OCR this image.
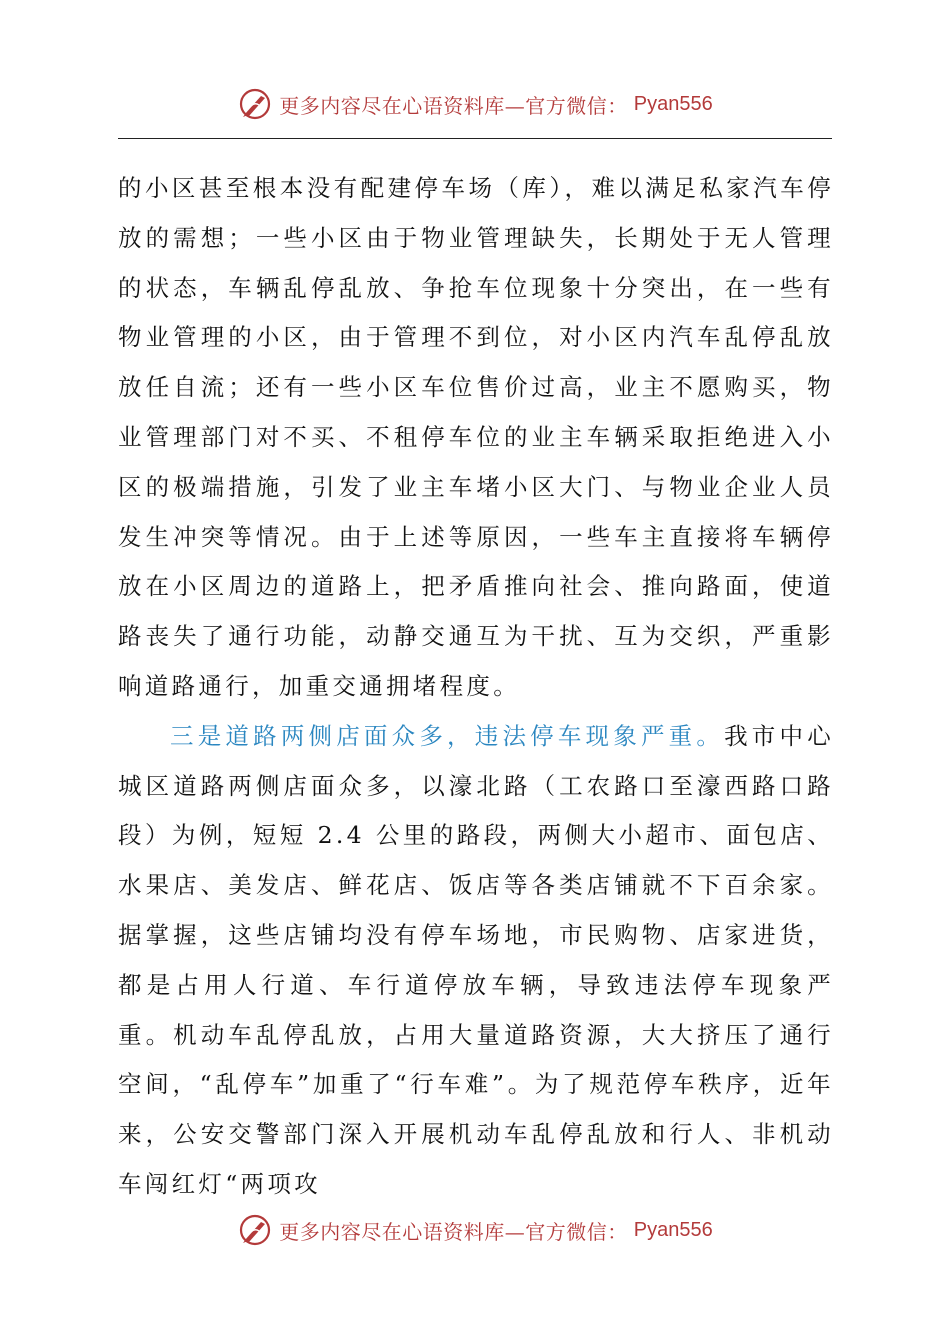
更多内容尽在心语资料库—官方微信： Pyan556

的小区甚至根本没有配建停车场（库），难以满足私家汽车停放的需想；一些小区由于物业管理缺失，长期处于无人管理的状态，车辆乱停乱放、争抢车位现象十分突出，在一些有物业管理的小区，由于管理不到位，对小区内汽车乱停乱放放任自流；还有一些小区车位售价过高，业主不愿购买，物业管理部门对不买、不租停车位的业主车辆采取拒绝进入小区的极端措施，引发了业主车堵小区大门、与物业企业人员发生冲突等情况。由于上述等原因，一些车主直接将车辆停放在小区周边的道路上，把矛盾推向社会、推向路面，使道路丧失了通行功能，动静交通互为干扰、互为交织，严重影响道路通行，加重交通拥堵程度。

三是道路两侧店面众多，违法停车现象严重。我市中心城区道路两侧店面众多，以濠北路（工农路口至濠西路口路段）为例，短短 2.4 公里的路段，两侧大小超市、面包店、水果店、美发店、鲜花店、饭店等各类店铺就不下百余家。据掌握，这些店铺均没有停车场地，市民购物、店家进货，都是占用人行道、车行道停放车辆，导致违法停车现象严重。机动车乱停乱放，占用大量道路资源，大大挤压了通行空间，“乱停车”加重了“行车难”。为了规范停车秩序，近年来，公安交警部门深入开展机动车乱停乱放和行人、非机动车闯红灯“两项攻

更多内容尽在心语资料库—官方微信： Pyan556
